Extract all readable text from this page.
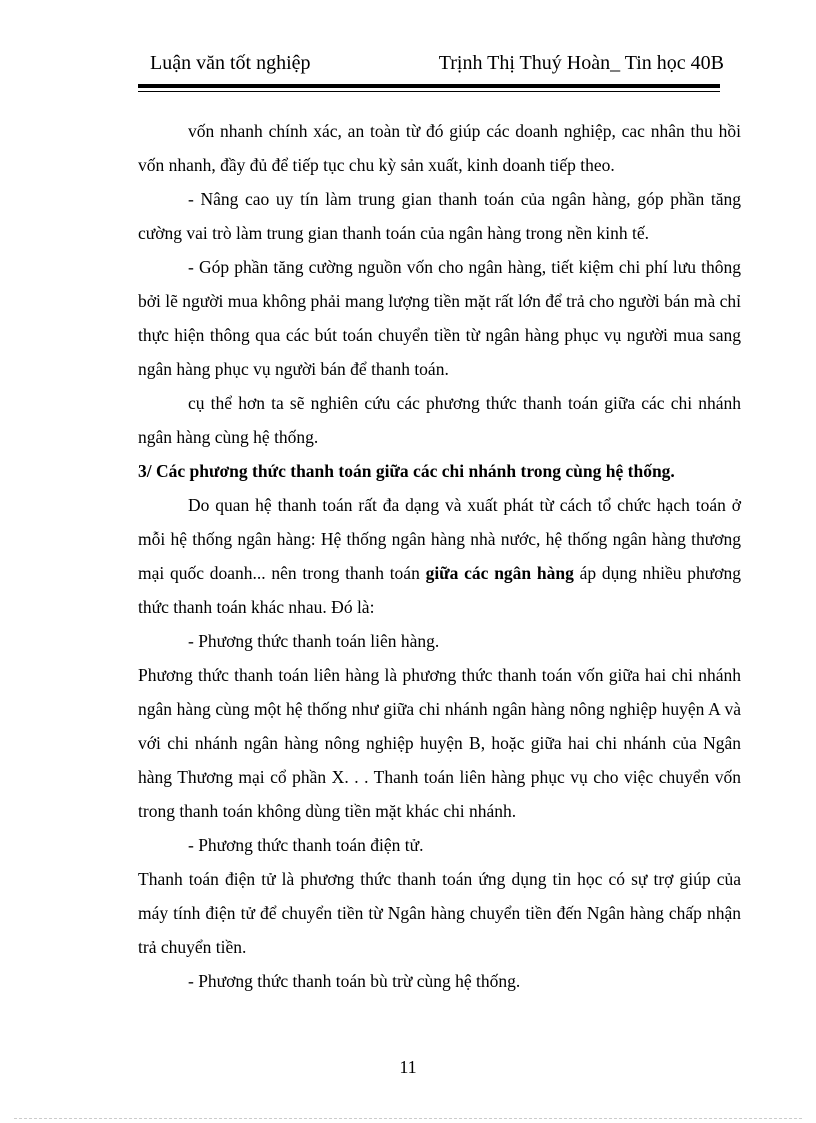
Luận văn tốt nghiệp	Trịnh Thị Thuý Hoàn_ Tin học 40B

vốn nhanh chính xác, an toàn từ đó giúp các doanh nghiệp, cac nhân thu hồi vốn nhanh, đầy đủ để tiếp tục chu kỳ sản xuất, kinh doanh tiếp theo.

- Nâng cao uy tín làm trung gian thanh toán của ngân hàng, góp phần tăng cường vai trò làm trung gian thanh toán của ngân hàng trong nền kinh tế.

- Góp phần tăng cường nguồn vốn cho ngân hàng, tiết kiệm chi phí lưu thông bởi lẽ người mua không phải mang lượng tiền mặt rất lớn để trả cho người bán mà chỉ thực hiện thông qua các bút toán chuyển tiền từ ngân hàng phục vụ người mua sang ngân hàng phục vụ người bán để thanh toán.

cụ thể hơn ta sẽ nghiên cứu các phương thức thanh toán giữa các chi nhánh ngân hàng cùng hệ thống.

3/ Các phương thức thanh toán giữa các chi nhánh trong cùng hệ thống.

Do quan hệ thanh toán rất đa dạng và xuất phát từ cách tổ chức hạch toán ở mỗi hệ thống ngân hàng: Hệ thống ngân hàng nhà nước, hệ thống ngân hàng thương mại quốc doanh... nên trong thanh toán giữa các ngân hàng áp dụng nhiều phương thức thanh toán khác nhau. Đó là:

- Phương thức thanh toán liên hàng.

Phương thức thanh toán liên hàng là phương thức thanh toán vốn giữa hai chi nhánh ngân hàng cùng một hệ thống như giữa chi nhánh ngân hàng nông nghiệp huyện A và với chi nhánh ngân hàng nông nghiệp huyện B, hoặc giữa hai chi nhánh của Ngân hàng Thương mại cổ phần X. . . Thanh toán liên hàng phục vụ cho việc chuyển vốn trong thanh toán không dùng tiền mặt khác chi nhánh.

- Phương thức thanh toán điện tử.

Thanh toán điện tử là phương thức thanh toán ứng dụng tin học có sự trợ giúp của máy tính điện tử để chuyển tiền từ Ngân hàng chuyển tiền đến Ngân hàng chấp nhận trả chuyển tiền.

- Phương thức thanh toán bù trừ cùng hệ thống.

11
